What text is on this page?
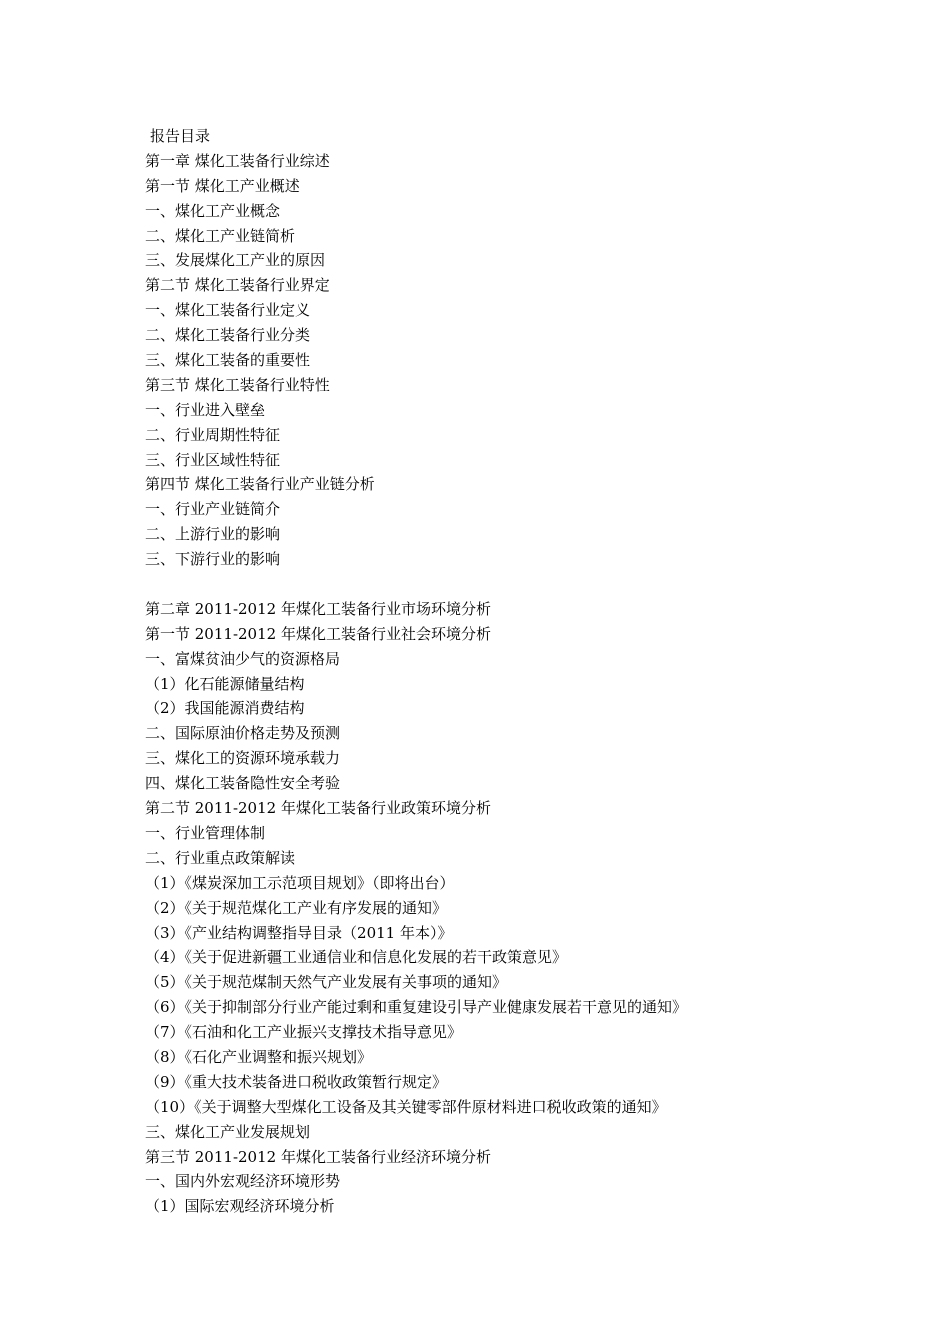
报告目录
第一章 煤化工装备行业综述
第一节 煤化工产业概述
一、煤化工产业概念
二、煤化工产业链简析
三、发展煤化工产业的原因
第二节 煤化工装备行业界定
一、煤化工装备行业定义
二、煤化工装备行业分类
三、煤化工装备的重要性
第三节 煤化工装备行业特性
一、行业进入壁垒
二、行业周期性特征
三、行业区域性特征
第四节 煤化工装备行业产业链分析
一、行业产业链简介
二、上游行业的影响
三、下游行业的影响
第二章 2011-2012 年煤化工装备行业市场环境分析
第一节 2011-2012 年煤化工装备行业社会环境分析
一、富煤贫油少气的资源格局
（1）化石能源储量结构
（2）我国能源消费结构
二、国际原油价格走势及预测
三、煤化工的资源环境承载力
四、煤化工装备隐性安全考验
第二节 2011-2012 年煤化工装备行业政策环境分析
一、行业管理体制
二、行业重点政策解读
（1）《煤炭深加工示范项目规划》（即将出台）
（2）《关于规范煤化工产业有序发展的通知》
（3）《产业结构调整指导目录（2011 年本）》
（4）《关于促进新疆工业通信业和信息化发展的若干政策意见》
（5）《关于规范煤制天然气产业发展有关事项的通知》
（6）《关于抑制部分行业产能过剩和重复建设引导产业健康发展若干意见的通知》
（7）《石油和化工产业振兴支撑技术指导意见》
（8）《石化产业调整和振兴规划》
（9）《重大技术装备进口税收政策暂行规定》
（10）《关于调整大型煤化工设备及其关键零部件原材料进口税收政策的通知》
三、煤化工产业发展规划
第三节 2011-2012 年煤化工装备行业经济环境分析
一、国内外宏观经济环境形势
（1）国际宏观经济环境分析
